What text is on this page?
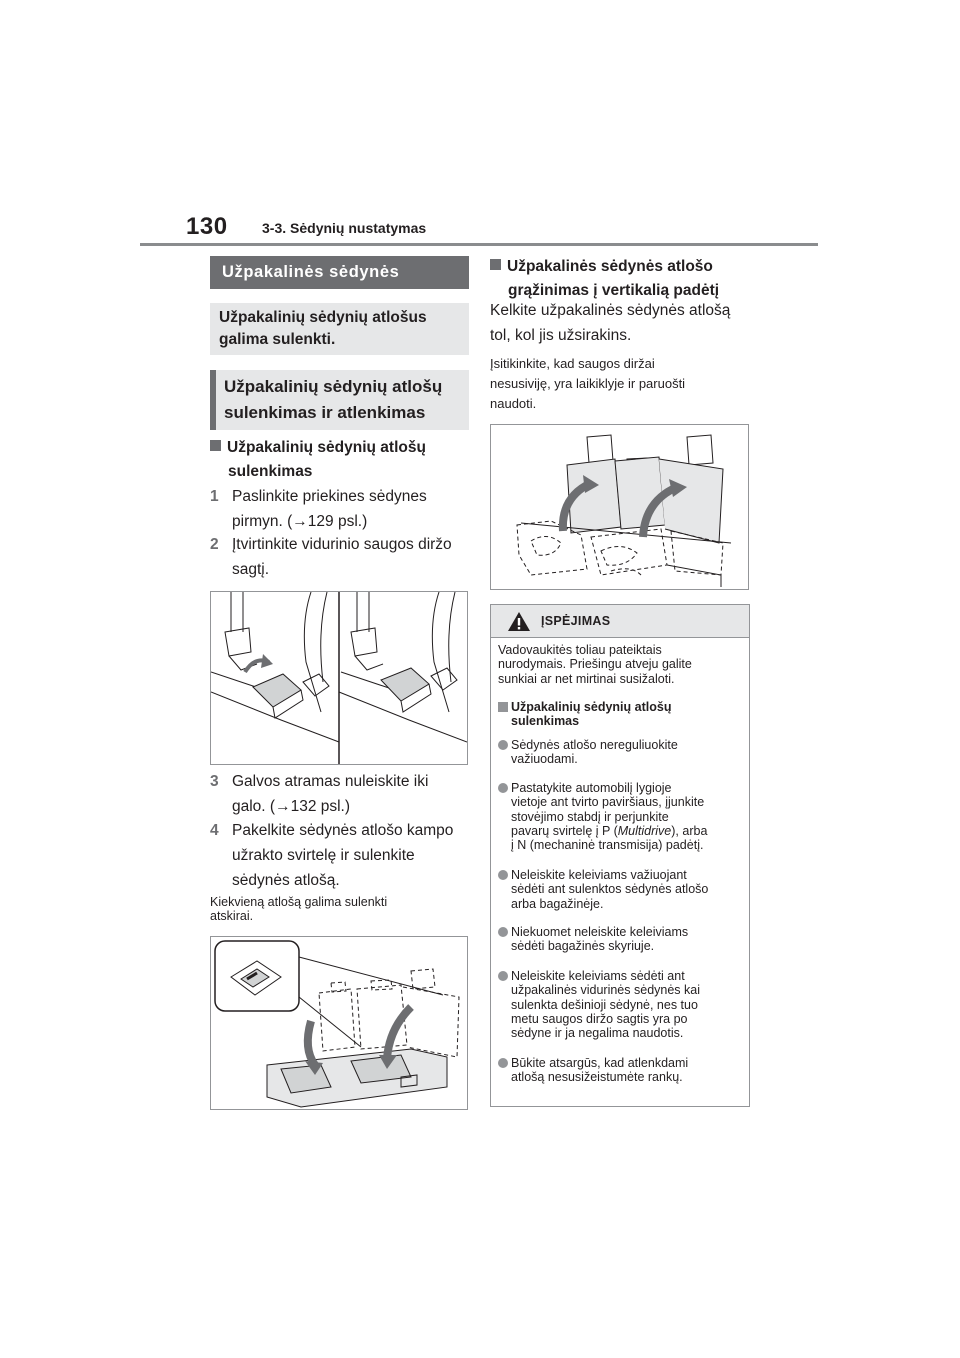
130 3-3. Sėdynių nustatymas
Užpakalinės sėdynės
Užpakalinių sėdynių atlošus
galima sulenkti.
Užpakalinių sėdynių atlošų
sulenkimas ir atlenkimas
Užpakalinių sėdynių atlošų
sulenkimas
1 Paslinkite priekines sėdynes
pirmyn. (→129 psl.)
2 Įtvirtinkite vidurinio saugos diržo
sagtį.
3 Galvos atramas nuleiskite iki
galo. (→132 psl.)
4 Pakelkite sėdynės atlošo kampo
užrakto svirtelę ir sulenkite
sėdynės atlošą.
Kiekvieną atlošą galima sulenkti
atskirai.
Užpakalinės sėdynės atlošo
grąžinimas į vertikalią padėtį
Kelkite užpakalinės sėdynės atlošą
tol, kol jis užsirakins.
Įsitikinkite, kad saugos diržai
nesusiviję, yra laikiklyje ir paruošti
naudoti.
ĮSPĖJIMAS
Vadovaukitės toliau pateiktais
nurodymais. Priešingu atveju galite
sunkiai ar net mirtinai susižaloti.
Užpakalinių sėdynių atlošų
sulenkimas
Sėdynės atlošo nereguliuokite
važiuodami.
Pastatykite automobilį lygioje
vietoje ant tvirto paviršiaus, įjunkite
stovėjimo stabdį ir perjunkite
pavarų svirtelę į P (Multidrive), arba
į N (mechaninė transmisija) padėtį.
Neleiskite keleiviams važiuojant
sėdėti ant sulenktos sėdynės atlošo
arba bagažinėje.
Niekuomet neleiskite keleiviams
sėdėti bagažinės skyriuje.
Neleiskite keleiviams sėdėti ant
užpakalinės vidurinės sėdynės kai
sulenkta dešinioji sėdynė, nes tuo
metu saugos diržo sagtis yra po
sėdyne ir ja negalima naudotis.
Būkite atsargūs, kad atlenkdami
atlošą nesusižeistumėte rankų.
